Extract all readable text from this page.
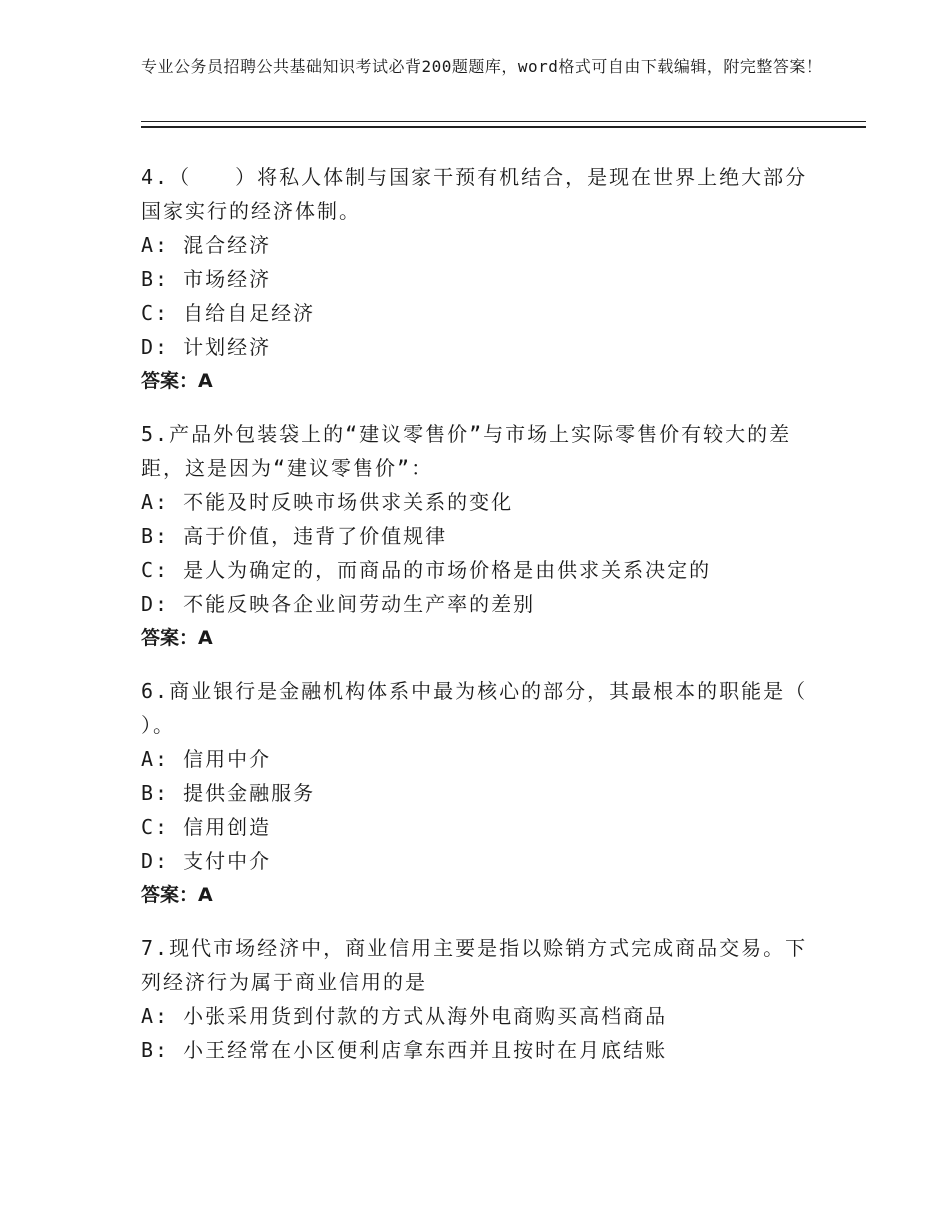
专业公务员招聘公共基础知识考试必背200题题库，word格式可自由下载编辑，附完整答案！

4.（　　）将私人体制与国家干预有机结合，是现在世界上绝大部分国家实行的经济体制。

A: 混合经济

B: 市场经济

C: 自给自足经济

D: 计划经济

答案：A

5.产品外包装袋上的“建议零售价”与市场上实际零售价有较大的差距，这是因为“建议零售价”：

A: 不能及时反映市场供求关系的变化

B: 高于价值，违背了价值规律

C: 是人为确定的，而商品的市场价格是由供求关系决定的

D: 不能反映各企业间劳动生产率的差别

答案：A

6.商业银行是金融机构体系中最为核心的部分，其最根本的职能是（ ）。

A: 信用中介

B: 提供金融服务

C: 信用创造

D: 支付中介

答案：A

7.现代市场经济中，商业信用主要是指以赊销方式完成商品交易。下列经济行为属于商业信用的是

A: 小张采用货到付款的方式从海外电商购买高档商品

B: 小王经常在小区便利店拿东西并且按时在月底结账
